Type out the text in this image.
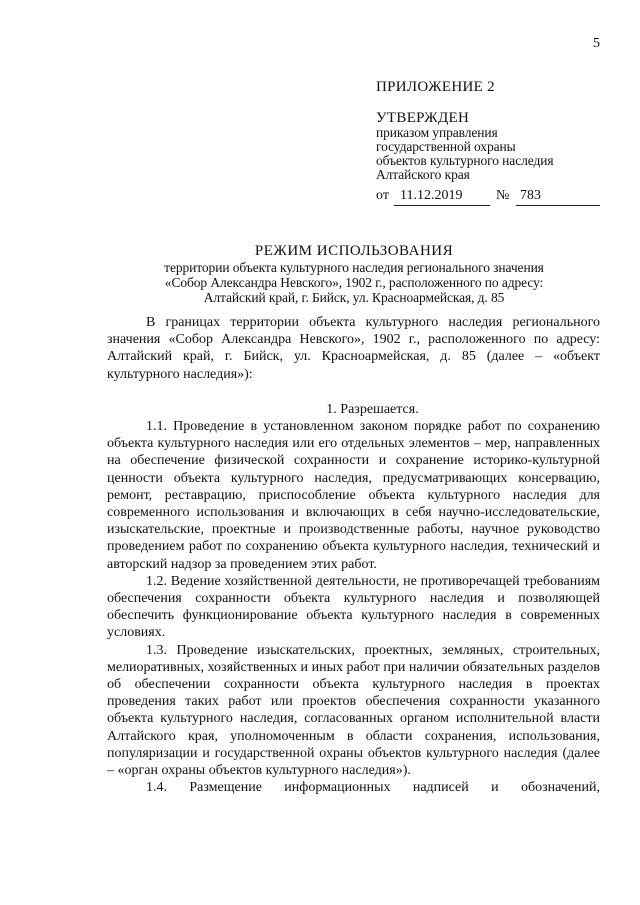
5
ПРИЛОЖЕНИЕ 2
УТВЕРЖДЕН
приказом управления
государственной охраны
объектов культурного наследия
Алтайского края
от 11.12.2019	№ 783
РЕЖИМ ИСПОЛЬЗОВАНИЯ
территории объекта культурного наследия регионального значения
«Собор Александра Невского», 1902 г., расположенного по адресу:
Алтайский край, г. Бийск, ул. Красноармейская, д. 85

В границах территории объекта культурного наследия регионального значения «Собор Александра Невского», 1902 г., расположенного по адресу: Алтайский край, г. Бийск, ул. Красноармейская, д. 85 (далее – «объект культурного наследия»):

1. Разрешается.

1.1. Проведение в установленном законом порядке работ по сохранению объекта культурного наследия или его отдельных элементов – мер, направленных на обеспечение физической сохранности и сохранение историко-культурной ценности объекта культурного наследия, предусматривающих консервацию, ремонт, реставрацию, приспособление объекта культурного наследия для современного использования и включающих в себя научно-исследовательские, изыскательские, проектные и производственные работы, научное руководство проведением работ по сохранению объекта культурного наследия, технический и авторский надзор за проведением этих работ.

1.2. Ведение хозяйственной деятельности, не противоречащей требованиям обеспечения сохранности объекта культурного наследия и позволяющей обеспечить функционирование объекта культурного наследия в современных условиях.

1.3. Проведение изыскательских, проектных, земляных, строительных, мелиоративных, хозяйственных и иных работ при наличии обязательных разделов об обеспечении сохранности объекта культурного наследия в проектах проведения таких работ или проектов обеспечения сохранности указанного объекта культурного наследия, согласованных органом исполнительной власти Алтайского края, уполномоченным в области сохранения, использования, популяризации и государственной охраны объектов культурного наследия (далее – «орган охраны объектов культурного наследия»).

1.4. Размещение информационных надписей и обозначений,
